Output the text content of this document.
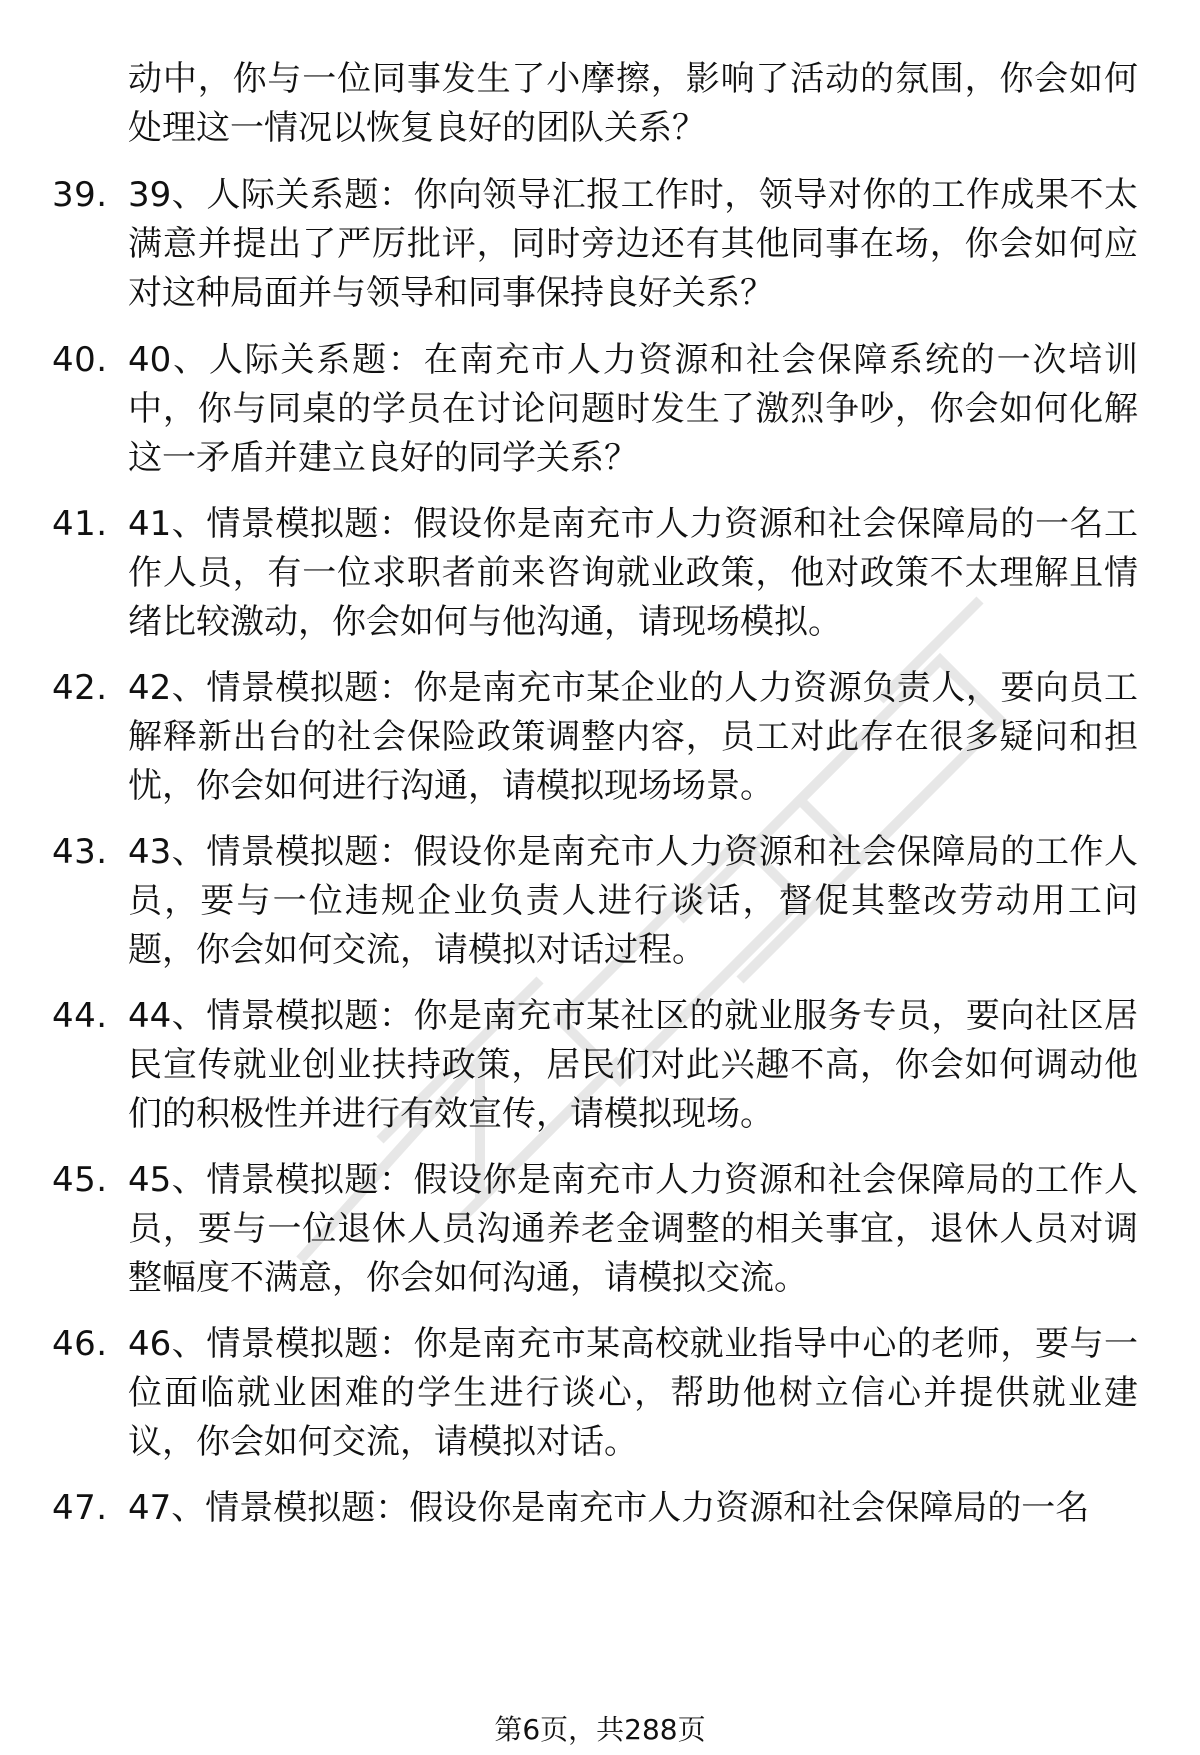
动中，你与一位同事发生了小摩擦，影响了活动的氛围，你会如何处理这一情况以恢复良好的团队关系？

39. 39、人际关系题：你向领导汇报工作时，领导对你的工作成果不太满意并提出了严厉批评，同时旁边还有其他同事在场，你会如何应对这种局面并与领导和同事保持良好关系？

40. 40、人际关系题：在南充市人力资源和社会保障系统的一次培训中，你与同桌的学员在讨论问题时发生了激烈争吵，你会如何化解这一矛盾并建立良好的同学关系？

41. 41、情景模拟题：假设你是南充市人力资源和社会保障局的一名工作人员，有一位求职者前来咨询就业政策，他对政策不太理解且情绪比较激动，你会如何与他沟通，请现场模拟。

42. 42、情景模拟题：你是南充市某企业的人力资源负责人，要向员工解释新出台的社会保险政策调整内容，员工对此存在很多疑问和担忧，你会如何进行沟通，请模拟现场场景。

43. 43、情景模拟题：假设你是南充市人力资源和社会保障局的工作人员，要与一位违规企业负责人进行谈话，督促其整改劳动用工问题，你会如何交流，请模拟对话过程。

44. 44、情景模拟题：你是南充市某社区的就业服务专员，要向社区居民宣传就业创业扶持政策，居民们对此兴趣不高，你会如何调动他们的积极性并进行有效宣传，请模拟现场。

45. 45、情景模拟题：假设你是南充市人力资源和社会保障局的工作人员，要与一位退休人员沟通养老金调整的相关事宜，退休人员对调整幅度不满意，你会如何沟通，请模拟交流。

46. 46、情景模拟题：你是南充市某高校就业指导中心的老师，要与一位面临就业困难的学生进行谈心，帮助他树立信心并提供就业建议，你会如何交流，请模拟对话。

47. 47、情景模拟题：假设你是南充市人力资源和社会保障局的一名

第6页，共288页
